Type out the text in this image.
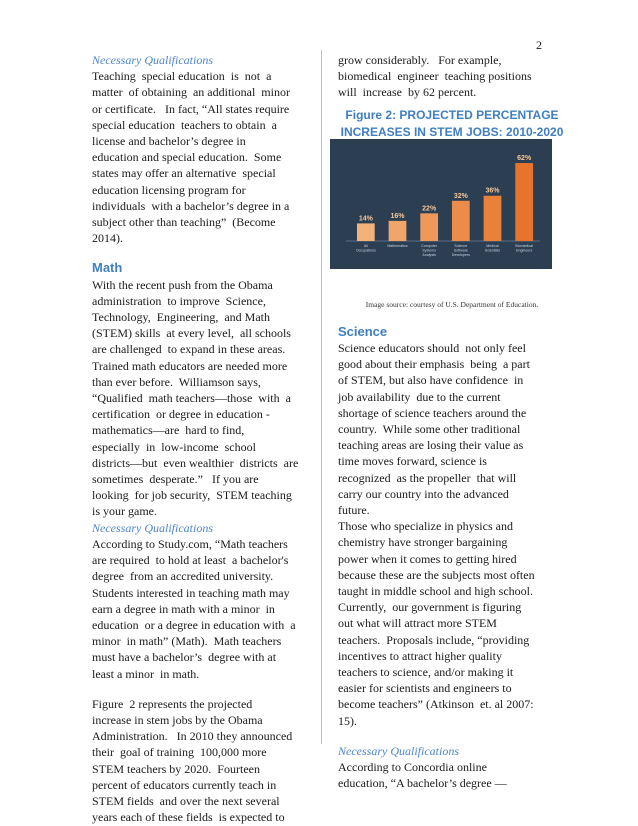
2

Necessary Qualifications

Teaching  special education  is  not  a
matter  of obtaining  an additional  minor
or certificate.   In fact, “All states require
special education  teachers to obtain  a
license and bachelor’s degree in
education and special education.  Some
states may offer an alternative  special
education licensing program for
individuals  with a bachelor’s degree in a
subject other than teaching”  (Become
2014).

Math

With the recent push from the Obama
administration  to improve  Science,
Technology,  Engineering,  and Math
(STEM) skills  at every level,  all schools
are challenged  to expand in these areas.
Trained math educators are needed more
than ever before.  Williamson says,
“Qualified  math teachers—those  with  a
certification  or degree in education -
mathematics—are  hard to find,
especially  in  low-income  school
districts—but  even wealthier  districts  are
sometimes  desperate.”   If you are
looking  for job security,  STEM teaching
is your game.

Necessary Qualifications

According to Study.com, “Math teachers
are required  to hold at least  a bachelor's
degree  from an accredited university.
Students interested in teaching math may
earn a degree in math with a minor  in
education  or a degree in education with  a
minor  in math” (Math).  Math teachers
must have a bachelor’s  degree with at
least a minor  in math.
Figure  2 represents the projected
increase in stem jobs by the Obama
Administration.   In 2010 they announced
their  goal of training  100,000 more
STEM teachers by 2020.  Fourteen
percent of educators currently teach in
STEM fields  and over the next several
years each of these fields  is expected to
grow considerably.   For example,
biomedical  engineer  teaching positions
will  increase  by 62 percent.
Figure 2: PROJECTED PERCENTAGE
INCREASES IN STEM JOBS: 2010-2020
Image source: courtesy of U.S. Department of Education.

Science

Science educators should  not only feel
good about their emphasis  being  a part
of STEM, but also have confidence  in
job availability  due to the current
shortage of science teachers around the
country.  While some other traditional
teaching areas are losing their value as
time moves forward, science is
recognized  as the propeller  that will
carry our country into the advanced
future.
Those who specialize in physics and
chemistry have stronger bargaining
power when it comes to getting hired
because these are the subjects most often
taught in middle school and high school.
Currently,  our government is figuring
out what will attract more STEM
teachers.  Proposals include, “providing
incentives to attract higher quality
teachers to science, and/or making it
easier for scientists and engineers to
become teachers” (Atkinson  et. al 2007:
15).

Necessary Qualifications

According to Concordia online
education, “A bachelor’s degree —
14%
All Occupations
16%
Mathematics
22%
Computer Systems Analysts
32%
Science Software Developers
36%
Medical Scientists
62%
Biomedical Engineers
